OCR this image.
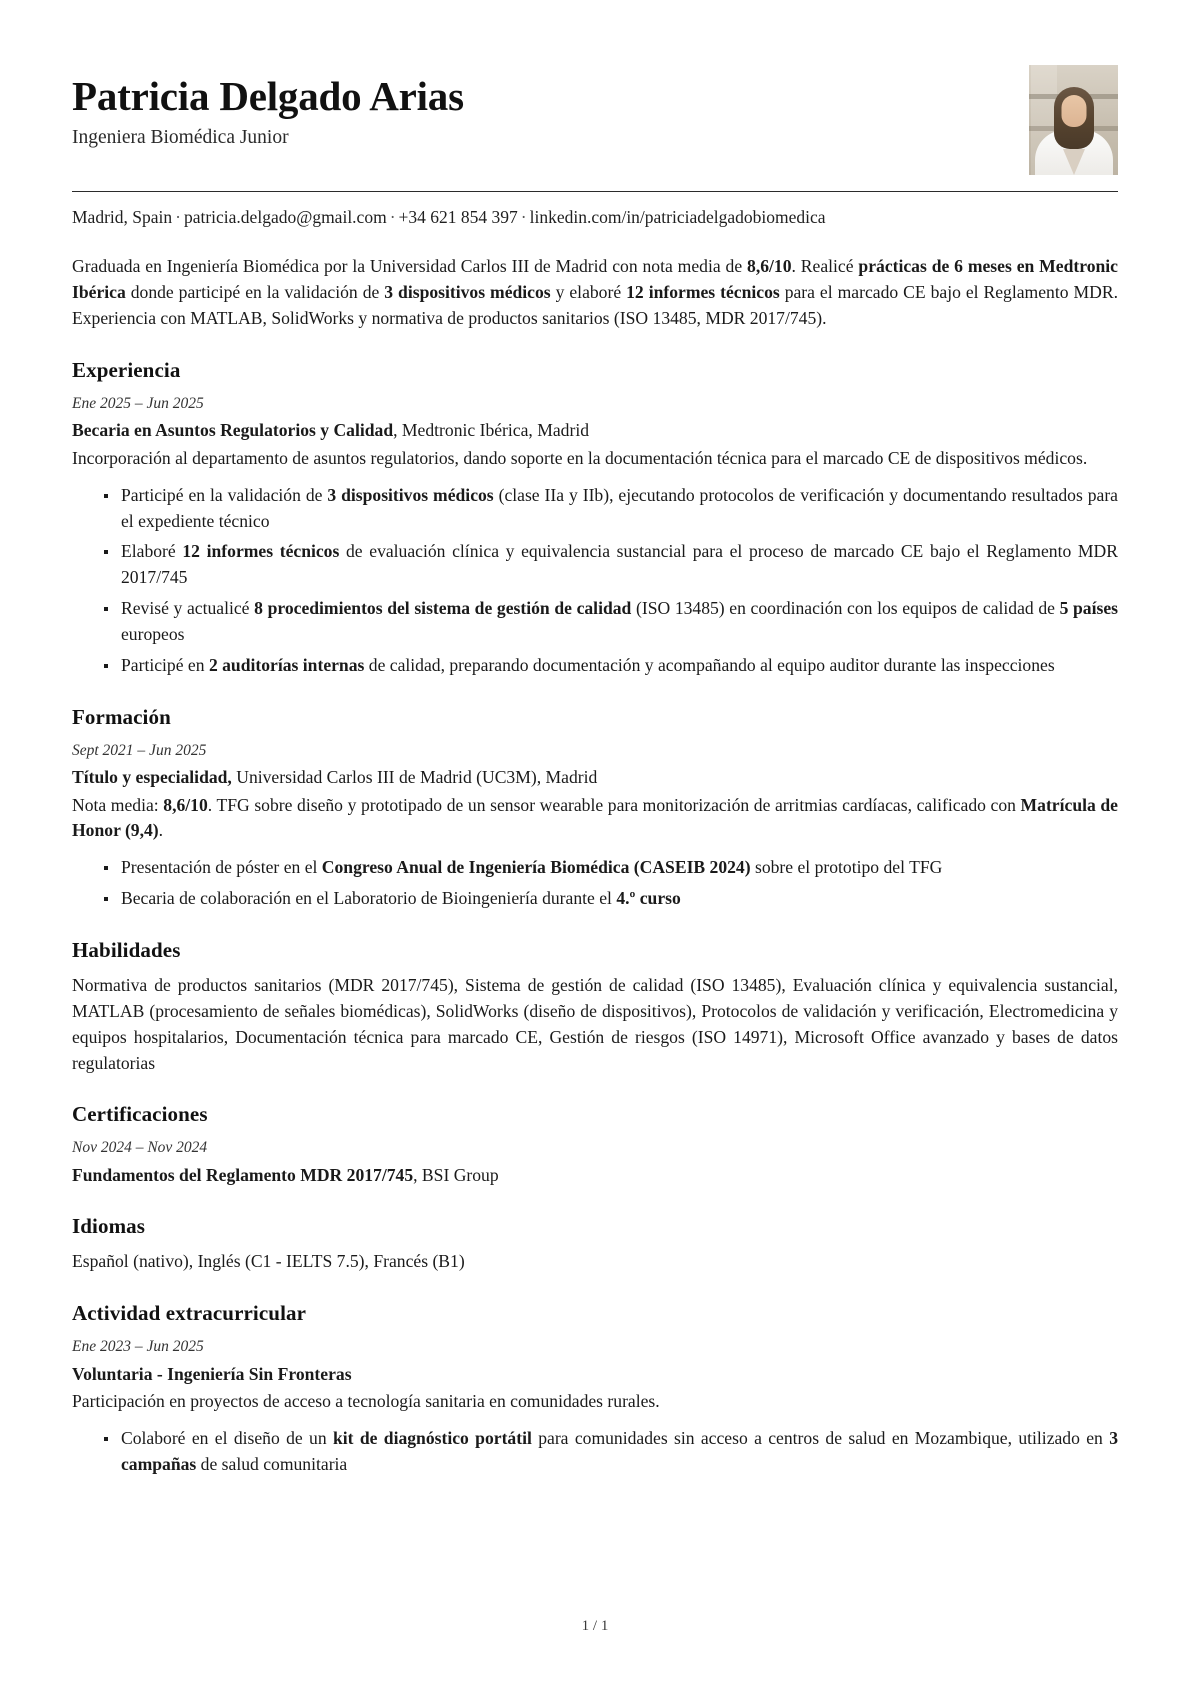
Patricia Delgado Arias

Ingeniera Biomédica Junior

Madrid, Spain · patricia.delgado@gmail.com · +34 621 854 397 · linkedin.com/in/patriciadelgadobiomedica

Graduada en Ingeniería Biomédica por la Universidad Carlos III de Madrid con nota media de 8,6/10. Realicé prácticas de 6 meses en Medtronic Ibérica donde participé en la validación de 3 dispositivos médicos y elaboré 12 informes técnicos para el marcado CE bajo el Reglamento MDR. Experiencia con MATLAB, SolidWorks y normativa de productos sanitarios (ISO 13485, MDR 2017/745).

Experiencia

Ene 2025 – Jun 2025

Becaria en Asuntos Regulatorios y Calidad, Medtronic Ibérica, Madrid

Incorporación al departamento de asuntos regulatorios, dando soporte en la documentación técnica para el marcado CE de dispositivos médicos.

Participé en la validación de 3 dispositivos médicos (clase IIa y IIb), ejecutando protocolos de verificación y documentando resultados para el expediente técnico
Elaboré 12 informes técnicos de evaluación clínica y equivalencia sustancial para el proceso de marcado CE bajo el Reglamento MDR 2017/745
Revisé y actualicé 8 procedimientos del sistema de gestión de calidad (ISO 13485) en coordinación con los equipos de calidad de 5 países europeos
Participé en 2 auditorías internas de calidad, preparando documentación y acompañando al equipo auditor durante las inspecciones
Formación

Sept 2021 – Jun 2025

Título y especialidad, Universidad Carlos III de Madrid (UC3M), Madrid

Nota media: 8,6/10. TFG sobre diseño y prototipado de un sensor wearable para monitorización de arritmias cardíacas, calificado con Matrícula de Honor (9,4).

Presentación de póster en el Congreso Anual de Ingeniería Biomédica (CASEIB 2024) sobre el prototipo del TFG
Becaria de colaboración en el Laboratorio de Bioingeniería durante el 4.º curso
Habilidades

Normativa de productos sanitarios (MDR 2017/745), Sistema de gestión de calidad (ISO 13485), Evaluación clínica y equivalencia sustancial, MATLAB (procesamiento de señales biomédicas), SolidWorks (diseño de dispositivos), Protocolos de validación y verificación, Electromedicina y equipos hospitalarios, Documentación técnica para marcado CE, Gestión de riesgos (ISO 14971), Microsoft Office avanzado y bases de datos regulatorias

Certificaciones

Nov 2024 – Nov 2024

Fundamentos del Reglamento MDR 2017/745, BSI Group

Idiomas

Español (nativo), Inglés (C1 - IELTS 7.5), Francés (B1)

Actividad extracurricular

Ene 2023 – Jun 2025

Voluntaria - Ingeniería Sin Fronteras

Participación en proyectos de acceso a tecnología sanitaria en comunidades rurales.

Colaboré en el diseño de un kit de diagnóstico portátil para comunidades sin acceso a centros de salud en Mozambique, utilizado en 3 campañas de salud comunitaria
1 / 1
